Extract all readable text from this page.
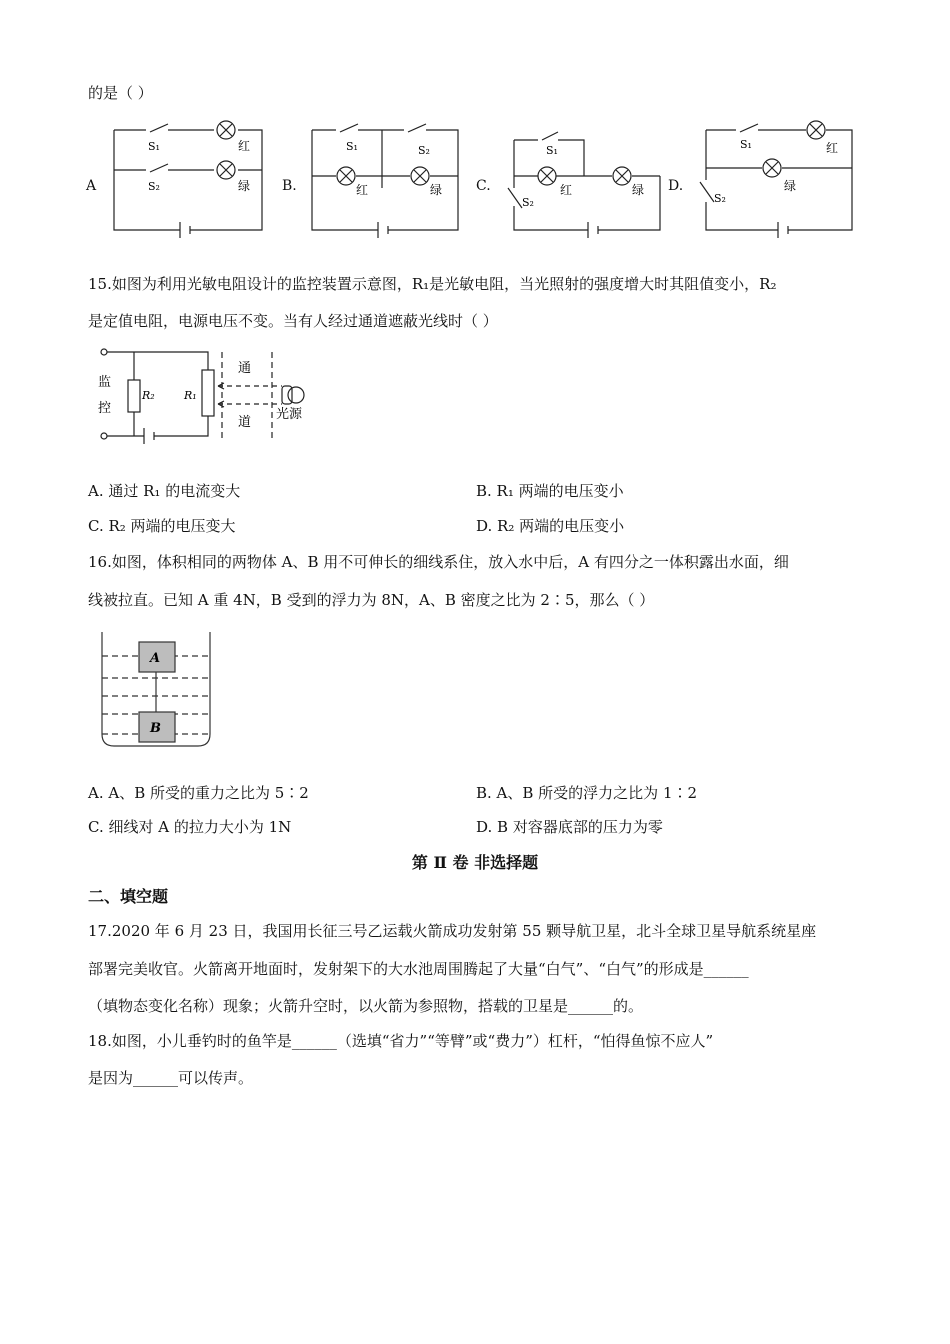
的是（ ）
A
S₁
S₂
红
绿 B.
S₁	S₂
红	绿 C.
S₁
S₂
红	绿 D.
S₁
S₂
红
绿
15.如图为利用光敏电阻设计的监控装置示意图，R₁是光敏电阻，当光照射的强度增大时其阻值变小，R₂
是定值电阻，电源电压不变。当有人经过通道遮蔽光线时（ ）
监
控
R₂	R₁
通
道
光源
A. 通过 R₁ 的电流变大	B. R₁ 两端的电压变小
C. R₂ 两端的电压变大	D. R₂ 两端的电压变小
16.如图，体积相同的两物体 A、B 用不可伸长的细线系住，放入水中后，A 有四分之一体积露出水面，细
线被拉直。已知 A 重 4N，B 受到的浮力为 8N，A、B 密度之比为 2∶5，那么（ ）
A
B
A. A、B 所受的重力之比为 5∶2	B. A、B 所受的浮力之比为 1∶2
C. 细线对 A 的拉力大小为 1N	D. B 对容器底部的压力为零
第 Ⅱ 卷 非选择题
二、填空题
17.2020 年 6 月 23 日，我国用长征三号乙运载火箭成功发射第 55 颗导航卫星，北斗全球卫星导航系统星座
部署完美收官。火箭离开地面时，发射架下的大水池周围腾起了大量“白气”、“白气”的形成是______
（填物态变化名称）现象；火箭升空时，以火箭为参照物，搭载的卫星是______的。
18.如图，小儿垂钓时的鱼竿是______（选填“省力”“等臂”或“费力”）杠杆，“怕得鱼惊不应人”
是因为______可以传声。
